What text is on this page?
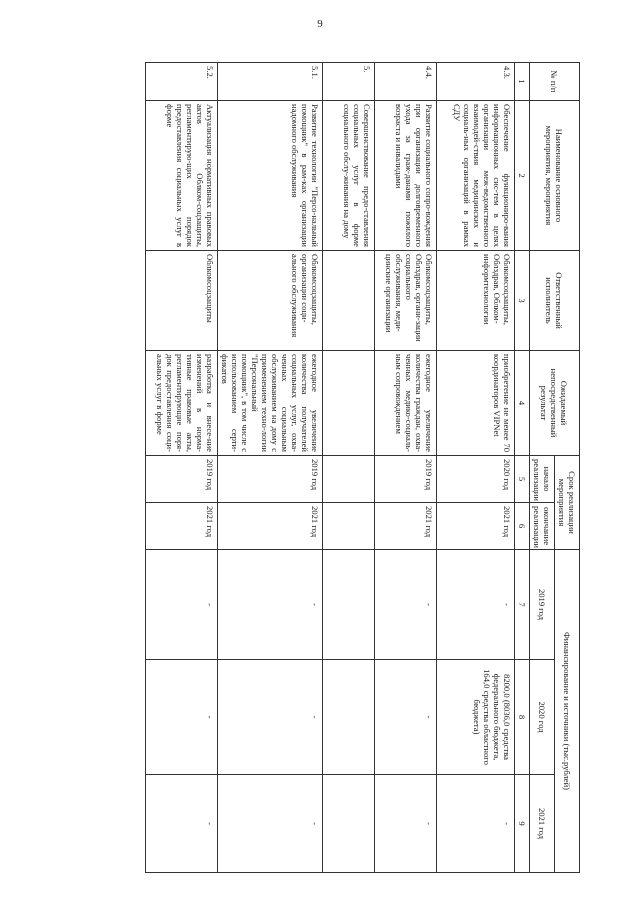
9
№ п/п	Наименование основного мероприятия, мероприятия	Ответственный исполнитель	Ожидаемый непосредственный результат	Срок реализации мероприятия		Финансирование и источники (тыс.рублей)		
				начало реализации	окончание реализации	2019 год	2020 год	2021 год

1	2	3	4	5	6	7	8	9
4.3.	Обеспечение функциониро-вания информационных сис-тем в целях организации меж-ведомственного взаимодей-ствия медицинских и социаль-ных организаций в рамках СДУ	Облкомсоцзащиты, Облздрав, Облком-информтехнологии	приобретение не менее 70 координаторов VIPNet	2020 год	2021 год	-	8200,0 (8036,0 средства федерального бюджета, 164,0 средства областного бюджета)	-
4.4.	Развитие социального сопро-вождения при организации долговременного ухода за граж-данами пожилого возраста и инвалидами	Облкомсоцзащиты, Облздрав, органи-зации социального обслуживания, меди-цинские организации	ежегодное увеличение количества граждан, охва-ченных медико-социаль-ным сопровождением	2019 год	2021 год	-	-	-
5.	Совершенствование предо-ставления социальных услуг в форме социального обслу-живания на дому							
5.1.	Развитие технологии "Персо-нальный помощник" в рам-ках организации надомного обслуживания	Облкомсоцзащиты, организации соци-ального обслуживания	ежегодное увеличение количества получателей социальных услуг, охва-ченных социальным обслуживанием на дому с применением техно-логии "Персональный помощник", в том числе с использованием серти-фикатов	2019 год	2021 год	-	-	-
5.2.	Актуализация нормативных правовых актов Облком-соцзащиты, регламентирую-щих порядок предоставления социальных услуг в форме	Облкомсоцзащиты	разработка и внесе-ние изменений в норма-тивные правовые акты, регламентирующие поря-док предоставления соци-альных услуг в форме	2019 год	2021 год	-	-	-
